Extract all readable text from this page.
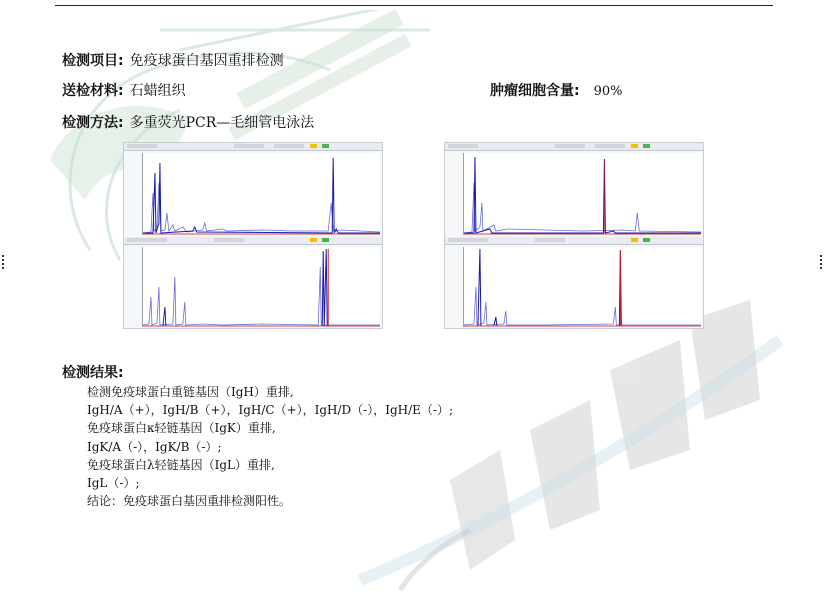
检测项目: 免疫球蛋白基因重排检测
送检材料: 石蜡组织	肿瘤细胞含量: 90%
检测方法: 多重荧光PCR—毛细管电泳法
检测结果:
检测免疫球蛋白重链基因（IgH）重排,
IgH/A（+），IgH/B（+），IgH/C（+），IgH/D（-），IgH/E（-）;
免疫球蛋白κ轻链基因（IgK）重排,
IgK/A（-），IgK/B（-）;
免疫球蛋白λ轻链基因（IgL）重排,
IgL（-）;
结论：免疫球蛋白基因重排检测阳性。
